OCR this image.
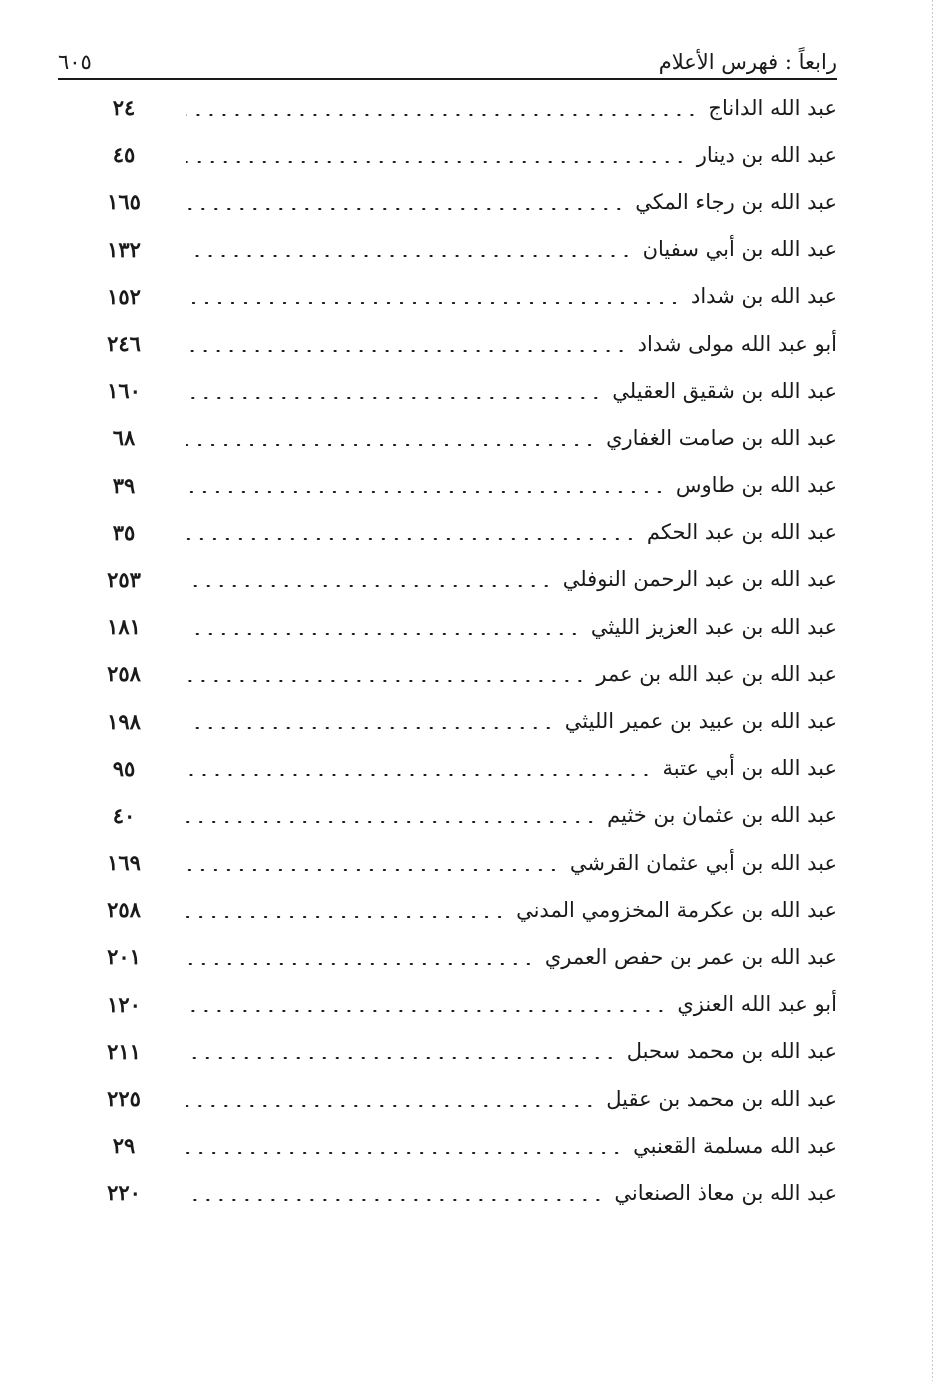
رابعاً : فهرس الأعلام
٦٠٥
عبد الله الداناج
٢٤
عبد الله بن دينار
٤٥
عبد الله بن رجاء المكي
١٦٥
عبد الله بن أبي سفيان
١٣٢
عبد الله بن شداد
١٥٢
أبو عبد الله مولى شداد
٢٤٦
عبد الله بن شقيق العقيلي
١٦٠
عبد الله بن صامت الغفاري
٦٨
عبد الله بن طاوس
٣٩
عبد الله بن عبد الحكم
٣٥
عبد الله بن عبد الرحمن النوفلي
٢٥٣
عبد الله بن عبد العزيز الليثي
١٨١
عبد الله بن عبد الله بن عمر
٢٥٨
عبد الله بن عبيد بن عمير الليثي
١٩٨
عبد الله بن أبي عتبة
٩٥
عبد الله بن عثمان بن خثيم
٤٠
عبد الله بن أبي عثمان القرشي
١٦٩
عبد الله بن عكرمة المخزومي المدني
٢٥٨
عبد الله بن عمر بن حفص العمري
٢٠١
أبو عبد الله العنزي
١٢٠
عبد الله بن محمد سحبل
٢١١
عبد الله بن محمد بن عقيل
٢٢٥
عبد الله مسلمة القعنبي
٢٩
عبد الله بن معاذ الصنعاني
٢٢٠
